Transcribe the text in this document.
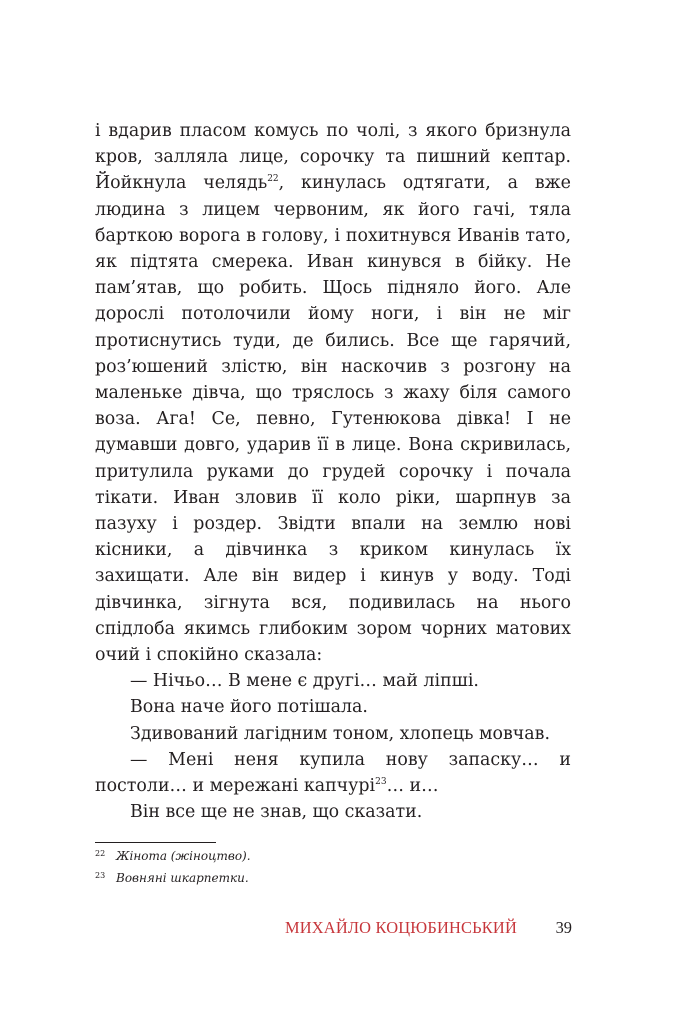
і вдарив пласом комусь по чолі, з якого бризнула кров, залляла лице, сорочку та пишний кептар. Йойкнула челядь$^{22}$, кинулась одтягати, а вже людина з лицем червоним, як його гачі, тяла барткою ворога в голову, і похитнувся Иванів тато, як підтята смерека. Иван кинувся в бійку. Не пам’ятав, що робить. Щось підняло його. Але дорослі потолочили йому ноги, і він не міг протиснутись туди, де бились. Все ще гарячий, роз’юшений злістю, він наскочив з розгону на маленьке дівча, що тряслось з жаху біля самого воза. Ага! Се, певно, Гутенюкова дівка! І не думавши довго, ударив її в лице. Вона скривилась, притулила руками до грудей сорочку і почала тікати. Иван зловив її коло ріки, шарпнув за пазуху і роздер. Звідти впали на землю нові кісники, а дівчинка з криком кинулась їх захищати. Але він видер і кинув у воду. Тоді дівчинка, зігнута вся, подивилась на нього спідлоба якимсь глибоким зором чорних матових очий і спокійно сказала:

— Нічьо… В мене є другі… май ліпші.

Вона наче його потішала.

Здивований лагідним тоном, хлопець мовчав.

— Мені неня купила нову запаску… и постоли… и мережані капчурі$^{23}$… и…

Він все ще не знав, що сказати.

22 Жінота (жіноцтво).
23 Вовняні шкарпетки.
МИХАЙЛО КОЦЮБИНСЬКИЙ 39
